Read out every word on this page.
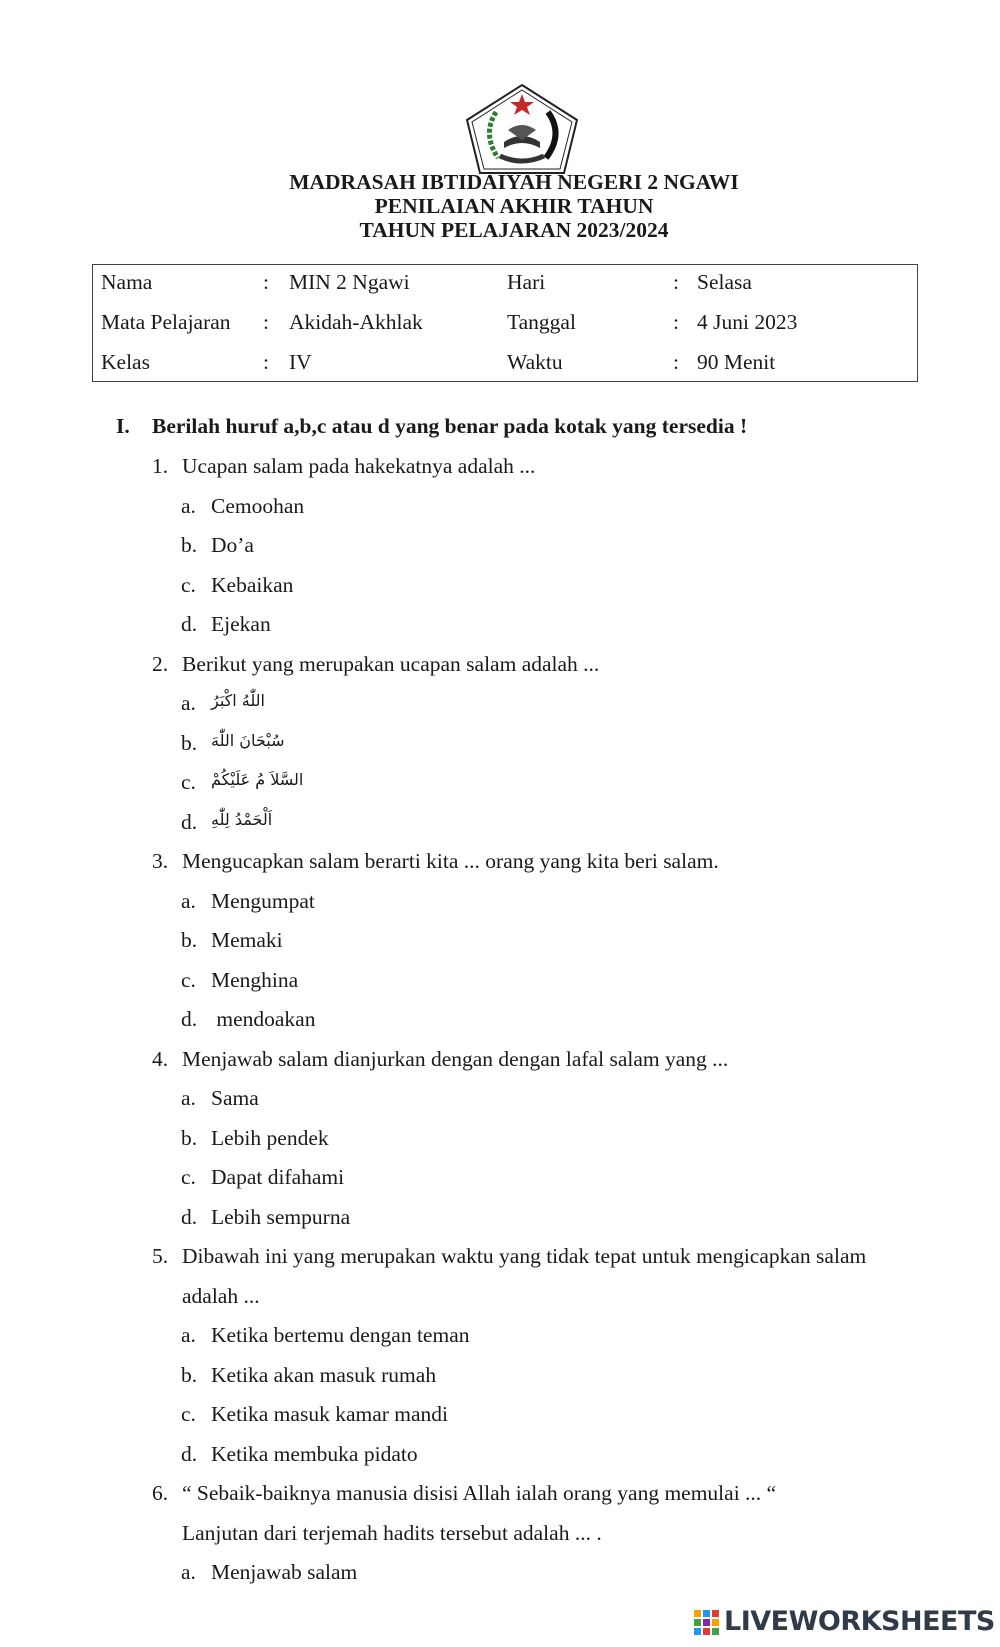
MADRASAH IBTIDAIYAH NEGERI 2 NGAWI
PENILAIAN AKHIR TAHUN
TAHUN PELAJARAN 2023/2024
Nama	: MIN 2 Ngawi	Hari	: Selasa
Mata Pelajaran : Akidah-Akhlak	Tanggal	: 4 Juni 2023
Kelas	: IV	Waktu	: 90 Menit
I. Berilah huruf a,b,c atau d yang benar pada kotak yang tersedia !
1. Ucapan salam pada hakekatnya adalah ...
a. Cemoohan
b. Do’a
c. Kebaikan
d. Ejekan
2. Berikut yang merupakan ucapan salam adalah ...
a. اللّٰهُ اكْبَرُ
b. سُبْحَانَ اللّٰهَ
c. السَّلاَ مُ عَلَيْكُمْ
d. اَلْحَمْدُ لِلّٰهِ
3. Mengucapkan salam berarti kita ... orang yang kita beri salam.
a. Mengumpat
b. Memaki
c. Menghina
d. mendoakan
4. Menjawab salam dianjurkan dengan dengan lafal salam yang ...
a. Sama
b. Lebih pendek
c. Dapat difahami
d. Lebih sempurna
5. Dibawah ini yang merupakan waktu yang tidak tepat untuk mengicapkan salam
adalah ...
a. Ketika bertemu dengan teman
b. Ketika akan masuk rumah
c. Ketika masuk kamar mandi
d. Ketika membuka pidato
6. “ Sebaik-baiknya manusia disisi Allah ialah orang yang memulai ... “
Lanjutan dari terjemah hadits tersebut adalah ... .
a. Menjawab salam
LIVEWORKSHEETS
